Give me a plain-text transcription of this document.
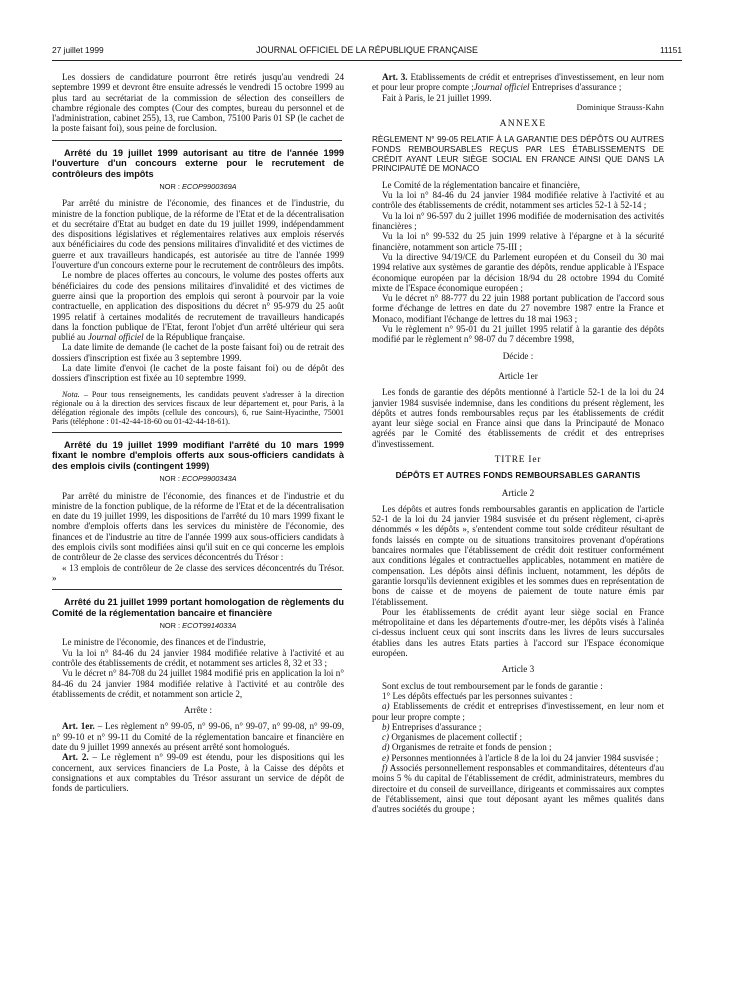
27 juillet 1999	JOURNAL OFFICIEL DE LA RÉPUBLIQUE FRANÇAISE	11151

Les dossiers de candidature pourront être retirés jusqu'au vendredi 24 septembre 1999 et devront être ensuite adressés le vendredi 15 octobre 1999 au plus tard au secrétariat de la commission de sélection des conseillers de chambre régionale des comptes (Cour des comptes, bureau du personnel et de l'administration, cabinet 255), 13, rue Cambon, 75100 Paris 01 SP (le cachet de la poste faisant foi), sous peine de forclusion.

Arrêté du 19 juillet 1999 autorisant au titre de l'année 1999 l'ouverture d'un concours externe pour le recrutement de contrôleurs des impôts
NOR : ECOP9900369A

Par arrêté du ministre de l'économie, des finances et de l'industrie, du ministre de la fonction publique, de la réforme de l'Etat et de la décentralisation et du secrétaire d'Etat au budget en date du 19 juillet 1999, indépendamment des dispositions législatives et réglementaires relatives aux emplois réservés aux bénéficiaires du code des pensions militaires d'invalidité et des victimes de guerre et aux travailleurs handicapés, est autorisée au titre de l'année 1999 l'ouverture d'un concours externe pour le recrutement de contrôleurs des impôts.

Le nombre de places offertes au concours, le volume des postes offerts aux bénéficiaires du code des pensions militaires d'invalidité et des victimes de guerre ainsi que la proportion des emplois qui seront à pourvoir par la voie contractuelle, en application des dispositions du décret n° 95-979 du 25 août 1995 relatif à certaines modalités de recrutement de travailleurs handicapés dans la fonction publique de l'Etat, feront l'objet d'un arrêté ultérieur qui sera publié au Journal officiel de la République française.

La date limite de demande (le cachet de la poste faisant foi) ou de retrait des dossiers d'inscription est fixée au 3 septembre 1999.

La date limite d'envoi (le cachet de la poste faisant foi) ou de dépôt des dossiers d'inscription est fixée au 10 septembre 1999.

Nota. – Pour tous renseignements, les candidats peuvent s'adresser à la direction régionale ou à la direction des services fiscaux de leur département et, pour Paris, à la délégation régionale des impôts (cellule des concours), 6, rue Saint-Hyacinthe, 75001 Paris (téléphone : 01-42-44-18-60 ou 01-42-44-18-61).

Arrêté du 19 juillet 1999 modifiant l'arrêté du 10 mars 1999 fixant le nombre d'emplois offerts aux sous-officiers candidats à des emplois civils (contingent 1999)
NOR : ECOP9900343A

Par arrêté du ministre de l'économie, des finances et de l'industrie et du ministre de la fonction publique, de la réforme de l'Etat et de la décentralisation en date du 19 juillet 1999, les dispositions de l'arrêté du 10 mars 1999 fixant le nombre d'emplois offerts dans les services du ministère de l'économie, des finances et de l'industrie au titre de l'année 1999 aux sous-officiers candidats à des emplois civils sont modifiées ainsi qu'il suit en ce qui concerne les emplois de contrôleur de 2e classe des services déconcentrés du Trésor :

« 13 emplois de contrôleur de 2e classe des services déconcentrés du Trésor. »

Arrêté du 21 juillet 1999 portant homologation de règlements du Comité de la réglementation bancaire et financière
NOR : ECOT9914033A

Le ministre de l'économie, des finances et de l'industrie,

Vu la loi n° 84-46 du 24 janvier 1984 modifiée relative à l'activité et au contrôle des établissements de crédit, et notamment ses articles 8, 32 et 33 ;

Vu le décret n° 84-708 du 24 juillet 1984 modifié pris en application la loi n° 84-46 du 24 janvier 1984 modifiée relative à l'activité et au contrôle des établissements de crédit, et notamment son article 2,

Arrête :

Art. 1er. – Les règlement n° 99-05, n° 99-06, n° 99-07, n° 99-08, n° 99-09, n° 99-10 et n° 99-11 du Comité de la réglementation bancaire et financière en date du 9 juillet 1999 annexés au présent arrêté sont homologués.

Art. 2. – Le règlement n° 99-09 est étendu, pour les dispositions qui les concernent, aux services financiers de La Poste, à la Caisse des dépôts et consignations et aux comptables du Trésor assurant un service de dépôt de fonds de particuliers.

Art. 3. Etablissements de crédit et entreprises d'investissement, en leur nom et pour leur propre compte ;Journal officiel Entreprises d'assurance ;

Fait à Paris, le 21 juillet 1999.

Dominique Strauss-Kahn

ANNEXE

RÈGLEMENT N° 99-05 RELATIF À LA GARANTIE DES DÉPÔTS OU AUTRES FONDS REMBOURSABLES REÇUS PAR LES ÉTABLISSEMENTS DE CRÉDIT AYANT LEUR SIÈGE SOCIAL EN FRANCE AINSI QUE DANS LA PRINCIPAUTÉ DE MONACO

Le Comité de la réglementation bancaire et financière,

Vu la loi n° 84-46 du 24 janvier 1984 modifiée relative à l'activité et au contrôle des établissements de crédit, notamment ses articles 52-1 à 52-14 ;

Vu la loi n° 96-597 du 2 juillet 1996 modifiée de modernisation des activités financières ;

Vu la loi n° 99-532 du 25 juin 1999 relative à l'épargne et à la sécurité financière, notamment son article 75-III ;

Vu la directive 94/19/CE du Parlement européen et du Conseil du 30 mai 1994 relative aux systèmes de garantie des dépôts, rendue applicable à l'Espace économique européen par la décision 18/94 du 28 octobre 1994 du Comité mixte de l'Espace économique européen ;

Vu le décret n° 88-777 du 22 juin 1988 portant publication de l'accord sous forme d'échange de lettres en date du 27 novembre 1987 entre la France et Monaco, modifiant l'échange de lettres du 18 mai 1963 ;

Vu le règlement n° 95-01 du 21 juillet 1995 relatif à la garantie des dépôts modifié par le règlement n° 98-07 du 7 décembre 1998,

Décide :

Article 1er

Les fonds de garantie des dépôts mentionné à l'article 52-1 de la loi du 24 janvier 1984 susvisée indemnise, dans les conditions du présent règlement, les dépôts et autres fonds remboursables reçus par les établissements de crédit ayant leur siège social en France ainsi que dans la Principauté de Monaco agréés par le Comité des établissements de crédit et des entreprises d'investissement.

TITRE Ier

DÉPÔTS ET AUTRES FONDS REMBOURSABLES GARANTIS

Article 2

Les dépôts et autres fonds remboursables garantis en application de l'article 52-1 de la loi du 24 janvier 1984 susvisée et du présent règlement, ci-après dénommés « les dépôts », s'entendent comme tout solde créditeur résultant de fonds laissés en compte ou de situations transitoires provenant d'opérations bancaires normales que l'établissement de crédit doit restituer conformément aux conditions légales et contractuelles applicables, notamment en matière de compensation. Les dépôts ainsi définis incluent, notamment, les dépôts de garantie lorsqu'ils deviennent exigibles et les sommes dues en représentation de bons de caisse et de moyens de paiement de toute nature émis par l'établissement.

Pour les établissements de crédit ayant leur siège social en France métropolitaine et dans les départements d'outre-mer, les dépôts visés à l'alinéa ci-dessus incluent ceux qui sont inscrits dans les livres de leurs succursales établies dans les autres Etats parties à l'accord sur l'Espace économique européen.

Article 3

Sont exclus de tout remboursement par le fonds de garantie :

1° Les dépôts effectués par les personnes suivantes :

a) Etablissements de crédit et entreprises d'investissement, en leur nom et pour leur propre compte ;

b) Entreprises d'assurance ;

c) Organismes de placement collectif ;

d) Organismes de retraite et fonds de pension ;

e) Personnes mentionnées à l'article 8 de la loi du 24 janvier 1984 susvisée ;

f) Associés personnellement responsables et commanditaires, détenteurs d'au moins 5 % du capital de l'établissement de crédit, administrateurs, membres du directoire et du conseil de surveillance, dirigeants et commissaires aux comptes de l'établissement, ainsi que tout déposant ayant les mêmes qualités dans d'autres sociétés du groupe ;
